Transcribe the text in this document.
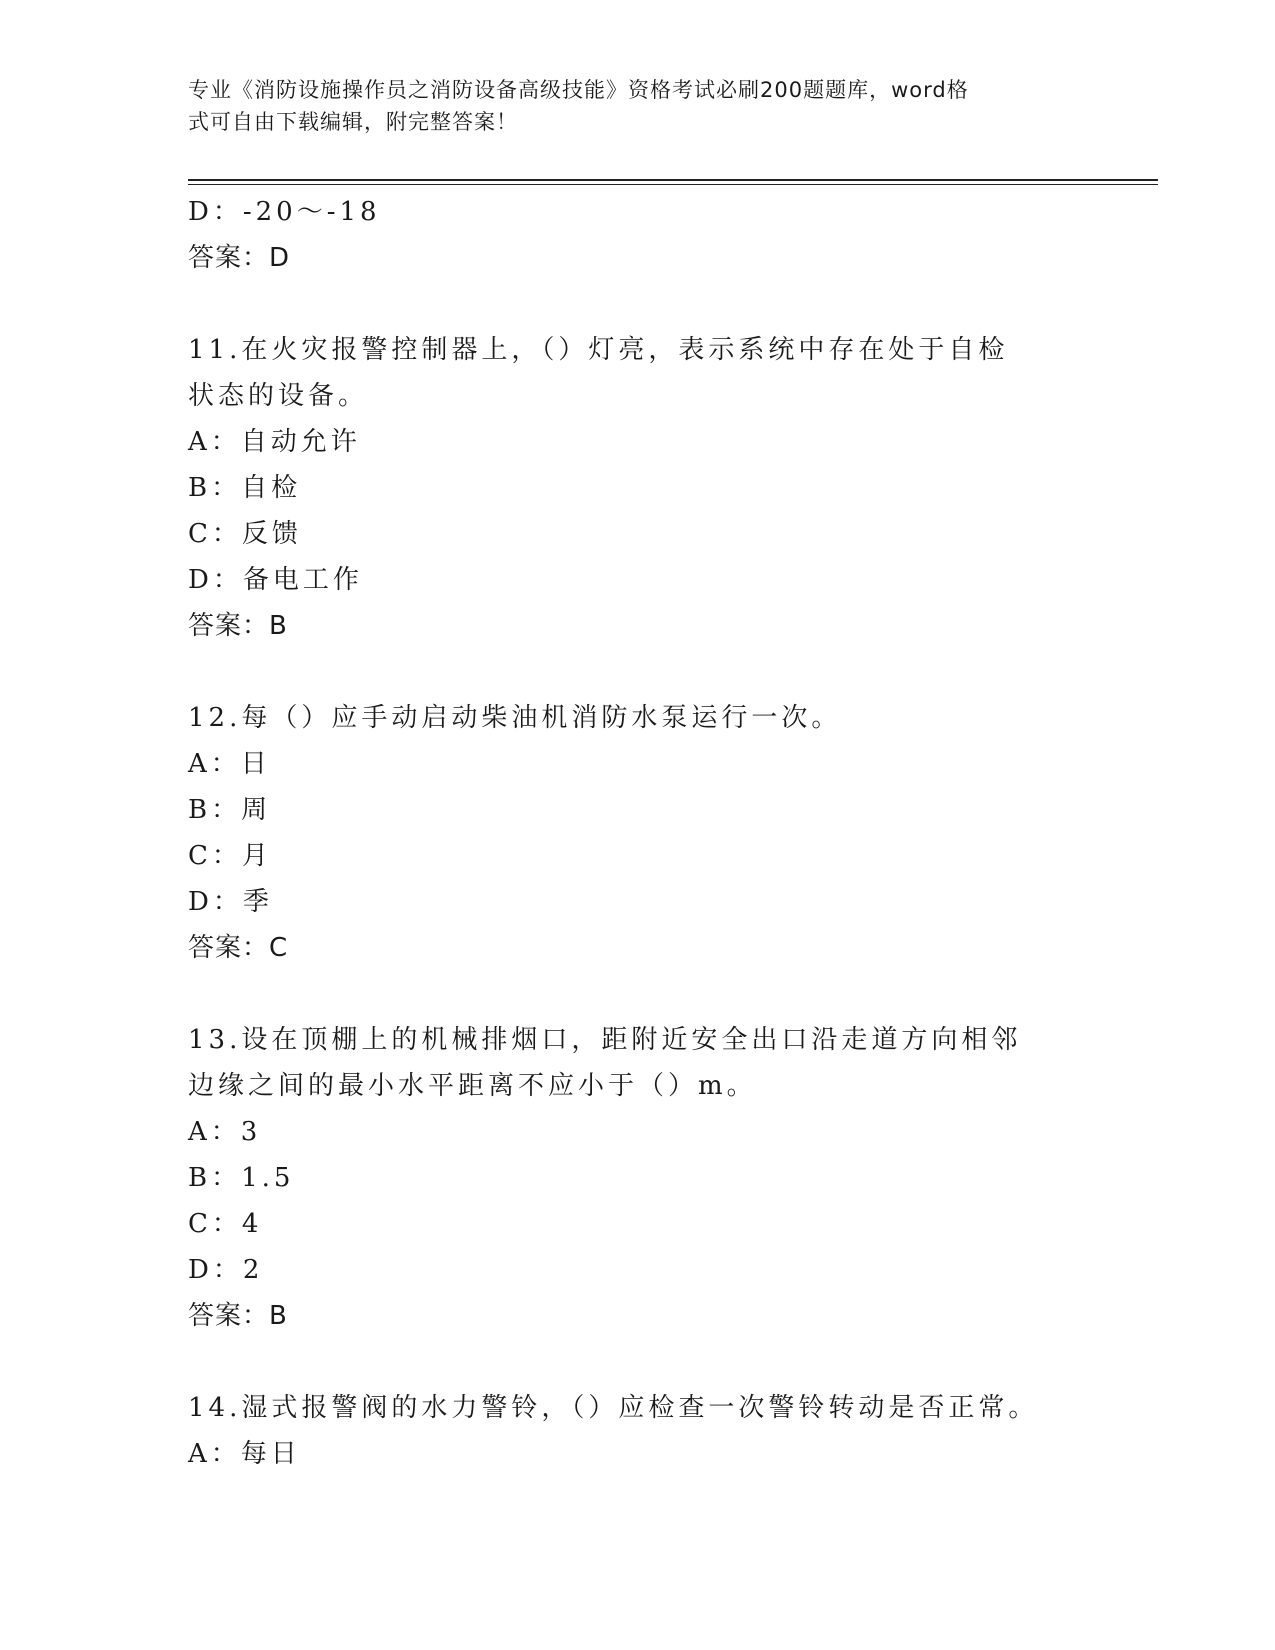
专业《消防设施操作员之消防设备高级技能》资格考试必刷200题题库，word格
式可自由下载编辑，附完整答案！
D：-20～-18
答案：D
11.在火灾报警控制器上，（）灯亮，表示系统中存在处于自检状态的设备。
A：自动允许
B：自检
C：反馈
D：备电工作
答案：B
12.每（）应手动启动柴油机消防水泵运行一次。
A：日
B：周
C：月
D：季
答案：C
13.设在顶棚上的机械排烟口，距附近安全出口沿走道方向相邻边缘之间的最小水平距离不应小于（）m。
A：3
B：1.5
C：4
D：2
答案：B
14.湿式报警阀的水力警铃，（）应检查一次警铃转动是否正常。
A：每日
